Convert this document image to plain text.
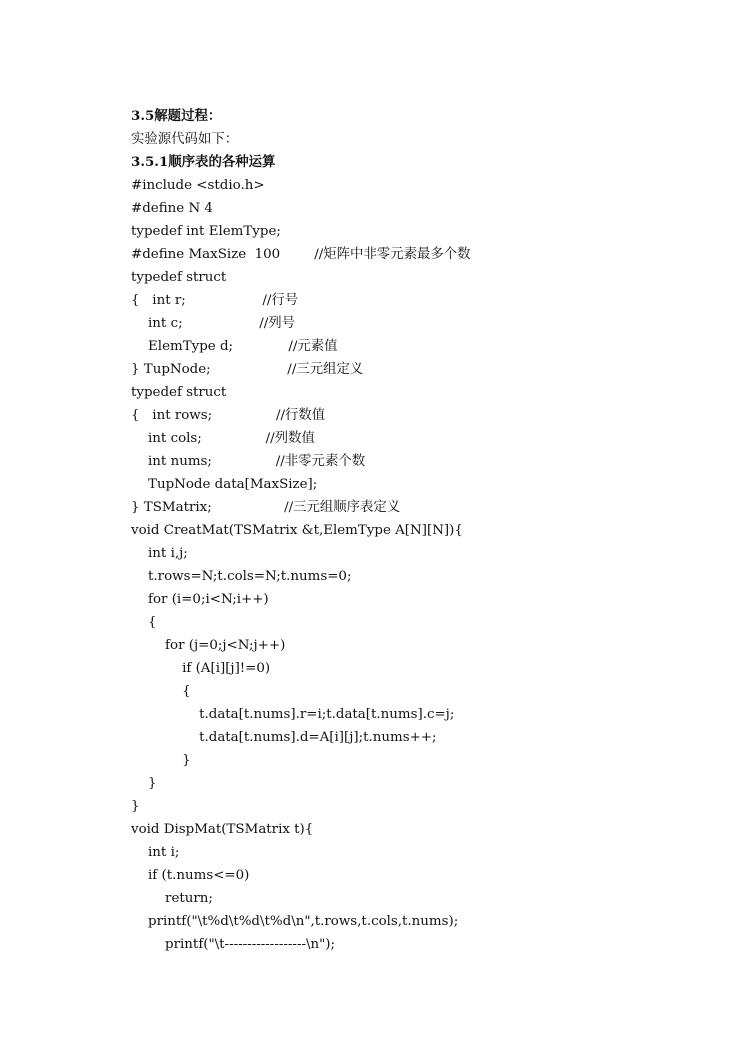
3.5解题过程：
实验源代码如下：
3.5.1顺序表的各种运算
#include <stdio.h>
#define N 4
typedef int ElemType;
#define MaxSize  100        //矩阵中非零元素最多个数
typedef struct
{   int r;                  //行号
int c;                  //列号
ElemType d;             //元素值
} TupNode;                  //三元组定义
typedef struct
{   int rows;               //行数值
int cols;               //列数值
int nums;               //非零元素个数
TupNode data[MaxSize];
} TSMatrix;                 //三元组顺序表定义
void CreatMat(TSMatrix &t,ElemType A[N][N]){
int i,j;
t.rows=N;t.cols=N;t.nums=0;
for (i=0;i<N;i++)
{
for (j=0;j<N;j++)
if (A[i][j]!=0)
{
t.data[t.nums].r=i;t.data[t.nums].c=j;
t.data[t.nums].d=A[i][j];t.nums++;
}
}
}
void DispMat(TSMatrix t){
int i;
if (t.nums<=0)
return;
printf("\t%d\t%d\t%d\n",t.rows,t.cols,t.nums);
printf("\t------------------\n");
